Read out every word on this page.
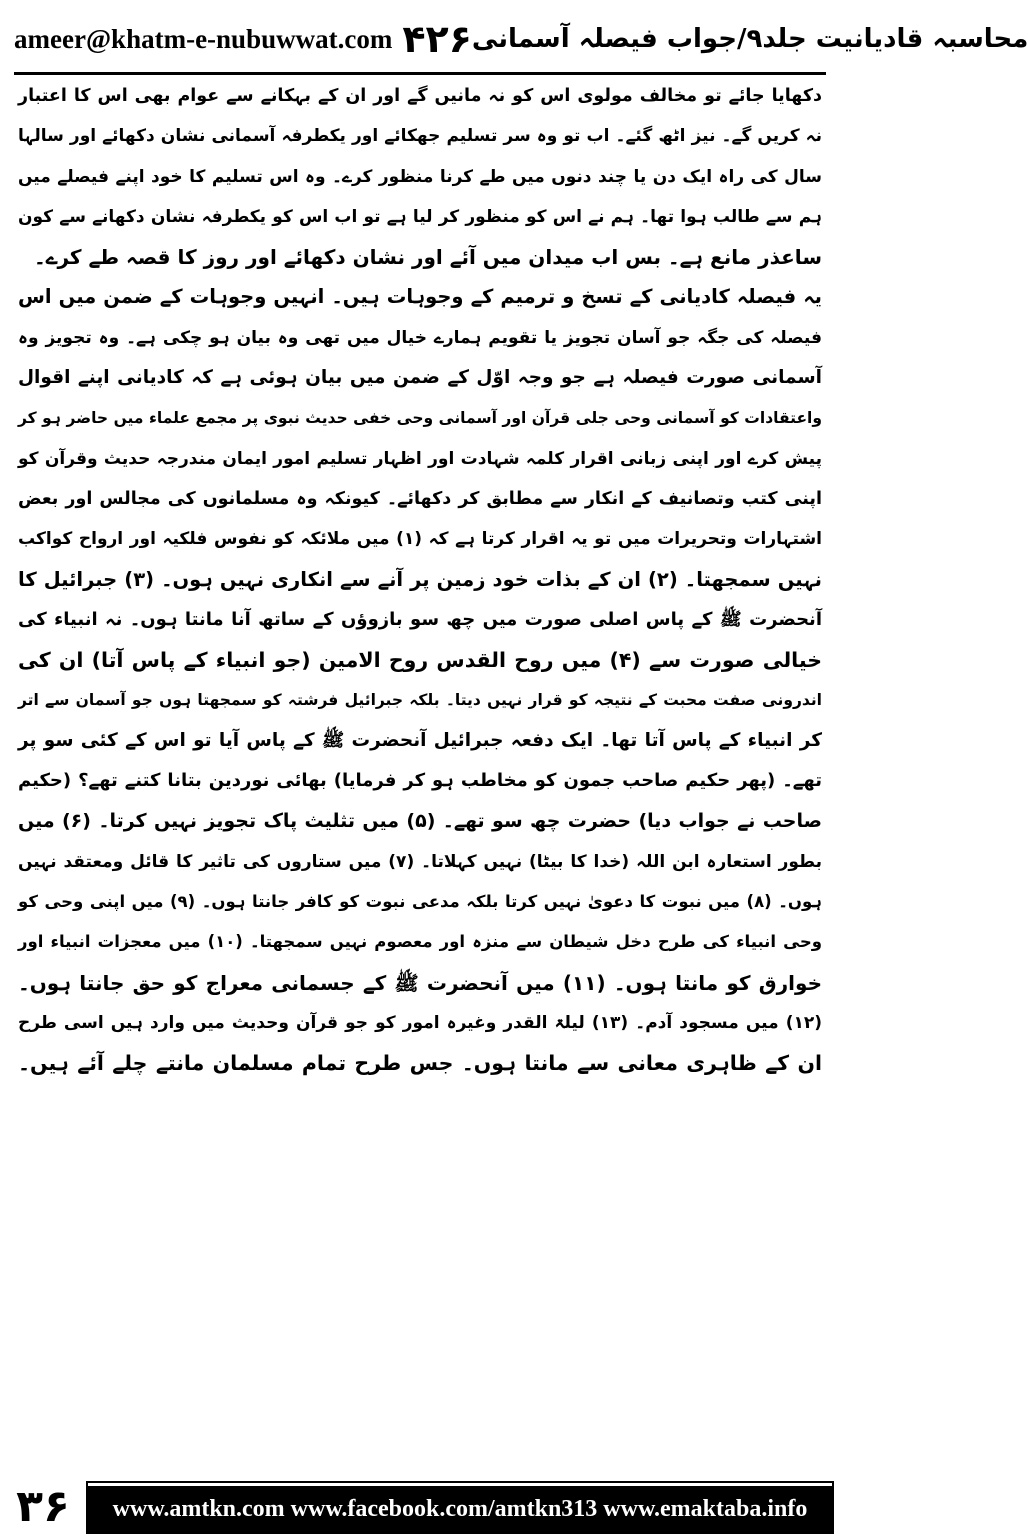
ameer@khatm-e-nubuwwat.com ۴۲۶ محاسبہ قادیانیت جلد۹/جواب فیصلہ آسمانی
دکھایا جائے تو مخالف مولوی اس کو نہ مانیں گے اور ان کے بہکانے سے عوام بھی اس کا اعتبار
نہ کریں گے۔ نیز اٹھ گئے۔ اب تو وہ سر تسلیم جھکائے اور یکطرفہ آسمانی نشان دکھائے اور سالہا
سال کی راہ ایک دن یا چند دنوں میں طے کرنا منظور کرے۔ وہ اس تسلیم کا خود اپنے فیصلے میں
ہم سے طالب ہوا تھا۔ ہم نے اس کو منظور کر لیا ہے تو اب اس کو یکطرفہ نشان دکھانے سے کون
ساعذر مانع ہے۔ بس اب میدان میں آئے اور نشان دکھائے اور روز کا قصہ طے کرے۔
یہ فیصلہ کادیانی کے تسخ و ترمیم کے وجوہات ہیں۔ انہیں وجوہات کے ضمن میں اس
فیصلہ کی جگہ جو آسان تجویز یا تقویم ہمارے خیال میں تھی وہ بیان ہو چکی ہے۔ وہ تجویز وہ
آسمانی صورت فیصلہ ہے جو وجہ اوّل کے ضمن میں بیان ہوئی ہے کہ کادیانی اپنے اقوال
واعتقادات کو آسمانی وحی جلی قرآن اور آسمانی وحی خفی حدیث نبوی پر مجمع علماء میں حاضر ہو کر
پیش کرے اور اپنی زبانی اقرار کلمہ شہادت اور اظہار تسلیم امور ایمان مندرجہ حدیث وقرآن کو
اپنی کتب وتصانیف کے انکار سے مطابق کر دکھائے۔ کیونکہ وہ مسلمانوں کی مجالس اور بعض
اشتہارات وتحریرات میں تو یہ اقرار کرتا ہے کہ (۱) میں ملائکہ کو نفوس فلکیہ اور ارواح کواکب
نہیں سمجھتا۔ (۲) ان کے بذات خود زمین پر آنے سے انکاری نہیں ہوں۔ (۳) جبرائیل کا
آنحضرت ﷺ کے پاس اصلی صورت میں چھ سو بازوؤں کے ساتھ آنا مانتا ہوں۔ نہ انبیاء کی
خیالی صورت سے (۴) میں روح القدس روح الامین (جو انبیاء کے پاس آتا) ان کی
اندرونی صفت محبت کے نتیجہ کو قرار نہیں دیتا۔ بلکہ جبرائیل فرشتہ کو سمجھتا ہوں جو آسمان سے اتر
کر انبیاء کے پاس آتا تھا۔ ایک دفعہ جبرائیل آنحضرت ﷺ کے پاس آیا تو اس کے کئی سو پر
تھے۔ (پھر حکیم صاحب جمون کو مخاطب ہو کر فرمایا) بھائی نوردین بتانا کتنے تھے؟ (حکیم
صاحب نے جواب دیا) حضرت چھ سو تھے۔ (۵) میں تثلیث پاک تجویز نہیں کرتا۔ (۶) میں
بطور استعارہ ابن اللہ (خدا کا بیٹا) نہیں کہلاتا۔ (۷) میں ستاروں کی تاثیر کا قائل ومعتقد نہیں
ہوں۔ (۸) میں نبوت کا دعویٰ نہیں کرتا بلکہ مدعی نبوت کو کافر جانتا ہوں۔ (۹) میں اپنی وحی کو
وحی انبیاء کی طرح دخل شیطان سے منزہ اور معصوم نہیں سمجھتا۔ (۱۰) میں معجزات انبیاء اور
خوارق کو مانتا ہوں۔ (۱۱) میں آنحضرت ﷺ کے جسمانی معراج کو حق جانتا ہوں۔
(۱۲) میں مسجود آدم۔ (۱۳) لیلۃ القدر وغیرہ امور کو جو قرآن وحدیث میں وارد ہیں اسی طرح
ان کے ظاہری معانی سے مانتا ہوں۔ جس طرح تمام مسلمان مانتے چلے آئے ہیں۔
۳۶	www.amtkn.com www.facebook.com/amtkn313 www.emaktaba.info
